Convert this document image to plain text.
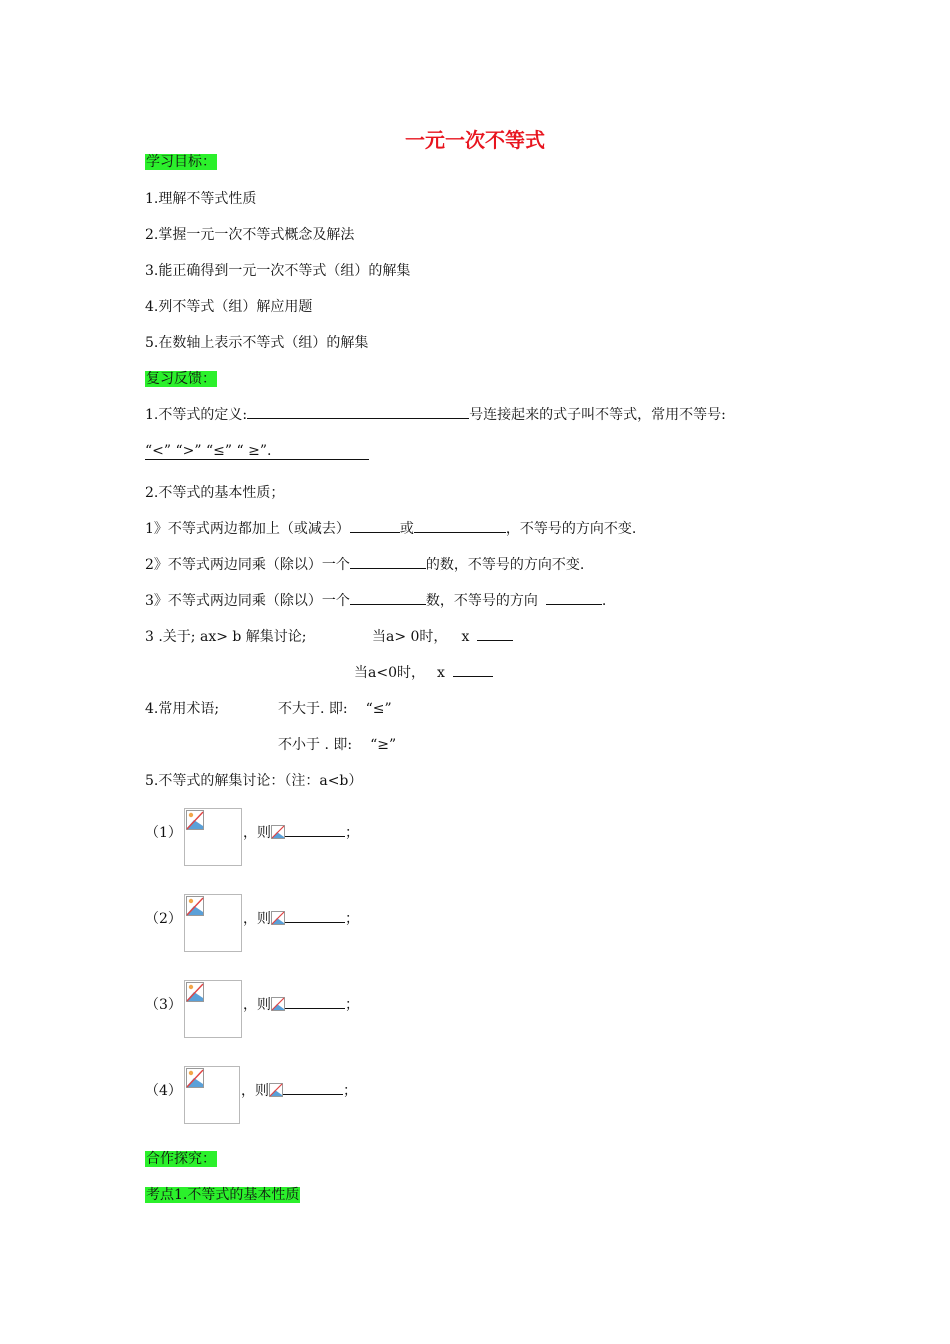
一元一次不等式
学习目标：
1.理解不等式性质
2.掌握一元一次不等式概念及解法
3.能正确得到一元一次不等式（组）的解集
4.列不等式（组）解应用题
5.在数轴上表示不等式（组）的解集
复习反馈：
1.不等式的定义:	号连接起来的式子叫不等式，常用不等号:
“<” “>” “≤” “ ≥”.
2.不等式的基本性质；
1》不等式两边都加上（或减去）	或	，不等号的方向不变.
2》不等式两边同乘（除以）一个	的数，不等号的方向不变.
3》不等式两边同乘（除以）一个	数，不等号的方向	.
3 .关于; ax> b 解集讨论;	当a> 0时， x
当a<0时， x
4.常用术语;	不大于. 即: “≤”
不小于 . 即: “≥”
5.不等式的解集讨论：（注：a<b）
（1）	，则	；
（2）	，则	；
（3）	，则	；
（4）	，则	；
合作探究：
考点1.不等式的基本性质
